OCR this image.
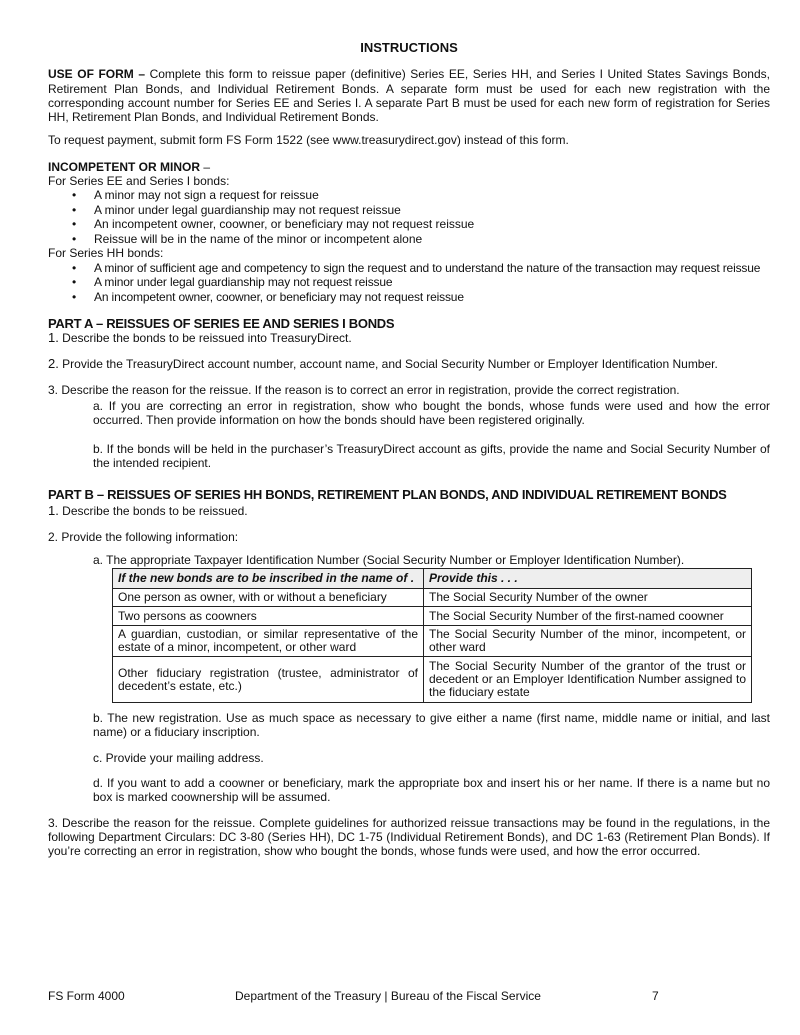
INSTRUCTIONS
USE OF FORM – Complete this form to reissue paper (definitive) Series EE, Series HH, and Series I United States Savings Bonds, Retirement Plan Bonds, and Individual Retirement Bonds. A separate form must be used for each new registration with the corresponding account number for Series EE and Series I. A separate Part B must be used for each new form of registration for Series HH, Retirement Plan Bonds, and Individual Retirement Bonds.
To request payment, submit form FS Form 1522 (see www.treasurydirect.gov) instead of this form.
INCOMPETENT OR MINOR –
For Series EE and Series I bonds:
• A minor may not sign a request for reissue
• A minor under legal guardianship may not request reissue
• An incompetent owner, coowner, or beneficiary may not request reissue
• Reissue will be in the name of the minor or incompetent alone
For Series HH bonds:
• A minor of sufficient age and competency to sign the request and to understand the nature of the transaction may request reissue
• A minor under legal guardianship may not request reissue
• An incompetent owner, coowner, or beneficiary may not request reissue
PART A – REISSUES OF SERIES EE AND SERIES I BONDS
1. Describe the bonds to be reissued into TreasuryDirect.
2. Provide the TreasuryDirect account number, account name, and Social Security Number or Employer Identification Number.
3. Describe the reason for the reissue. If the reason is to correct an error in registration, provide the correct registration.
a. If you are correcting an error in registration, show who bought the bonds, whose funds were used and how the error occurred. Then provide information on how the bonds should have been registered originally.
b. If the bonds will be held in the purchaser’s TreasuryDirect account as gifts, provide the name and Social Security Number of the intended recipient.
PART B – REISSUES OF SERIES HH BONDS, RETIREMENT PLAN BONDS, AND INDIVIDUAL RETIREMENT BONDS
1. Describe the bonds to be reissued.
2. Provide the following information:
a. The appropriate Taxpayer Identification Number (Social Security Number or Employer Identification Number).
If the new bonds are to be inscribed in the name of .	Provide this . . .
One person as owner, with or without a beneficiary	The Social Security Number of the owner
Two persons as coowners	The Social Security Number of the first-named coowner
A guardian, custodian, or similar representative of the estate of a minor, incompetent, or other ward	The Social Security Number of the minor, incompetent, or other ward
Other fiduciary registration (trustee, administrator of decedent’s estate, etc.)	The Social Security Number of the grantor of the trust or decedent or an Employer Identification Number assigned to the fiduciary estate
b. The new registration. Use as much space as necessary to give either a name (first name, middle name or initial, and last name) or a fiduciary inscription.
c. Provide your mailing address.
d. If you want to add a coowner or beneficiary, mark the appropriate box and insert his or her name. If there is a name but no box is marked coownership will be assumed.
3. Describe the reason for the reissue. Complete guidelines for authorized reissue transactions may be found in the regulations, in the following Department Circulars: DC 3-80 (Series HH), DC 1-75 (Individual Retirement Bonds), and DC 1-63 (Retirement Plan Bonds). If you’re correcting an error in registration, show who bought the bonds, whose funds were used, and how the error occurred.
FS Form 4000	Department of the Treasury | Bureau of the Fiscal Service	7
